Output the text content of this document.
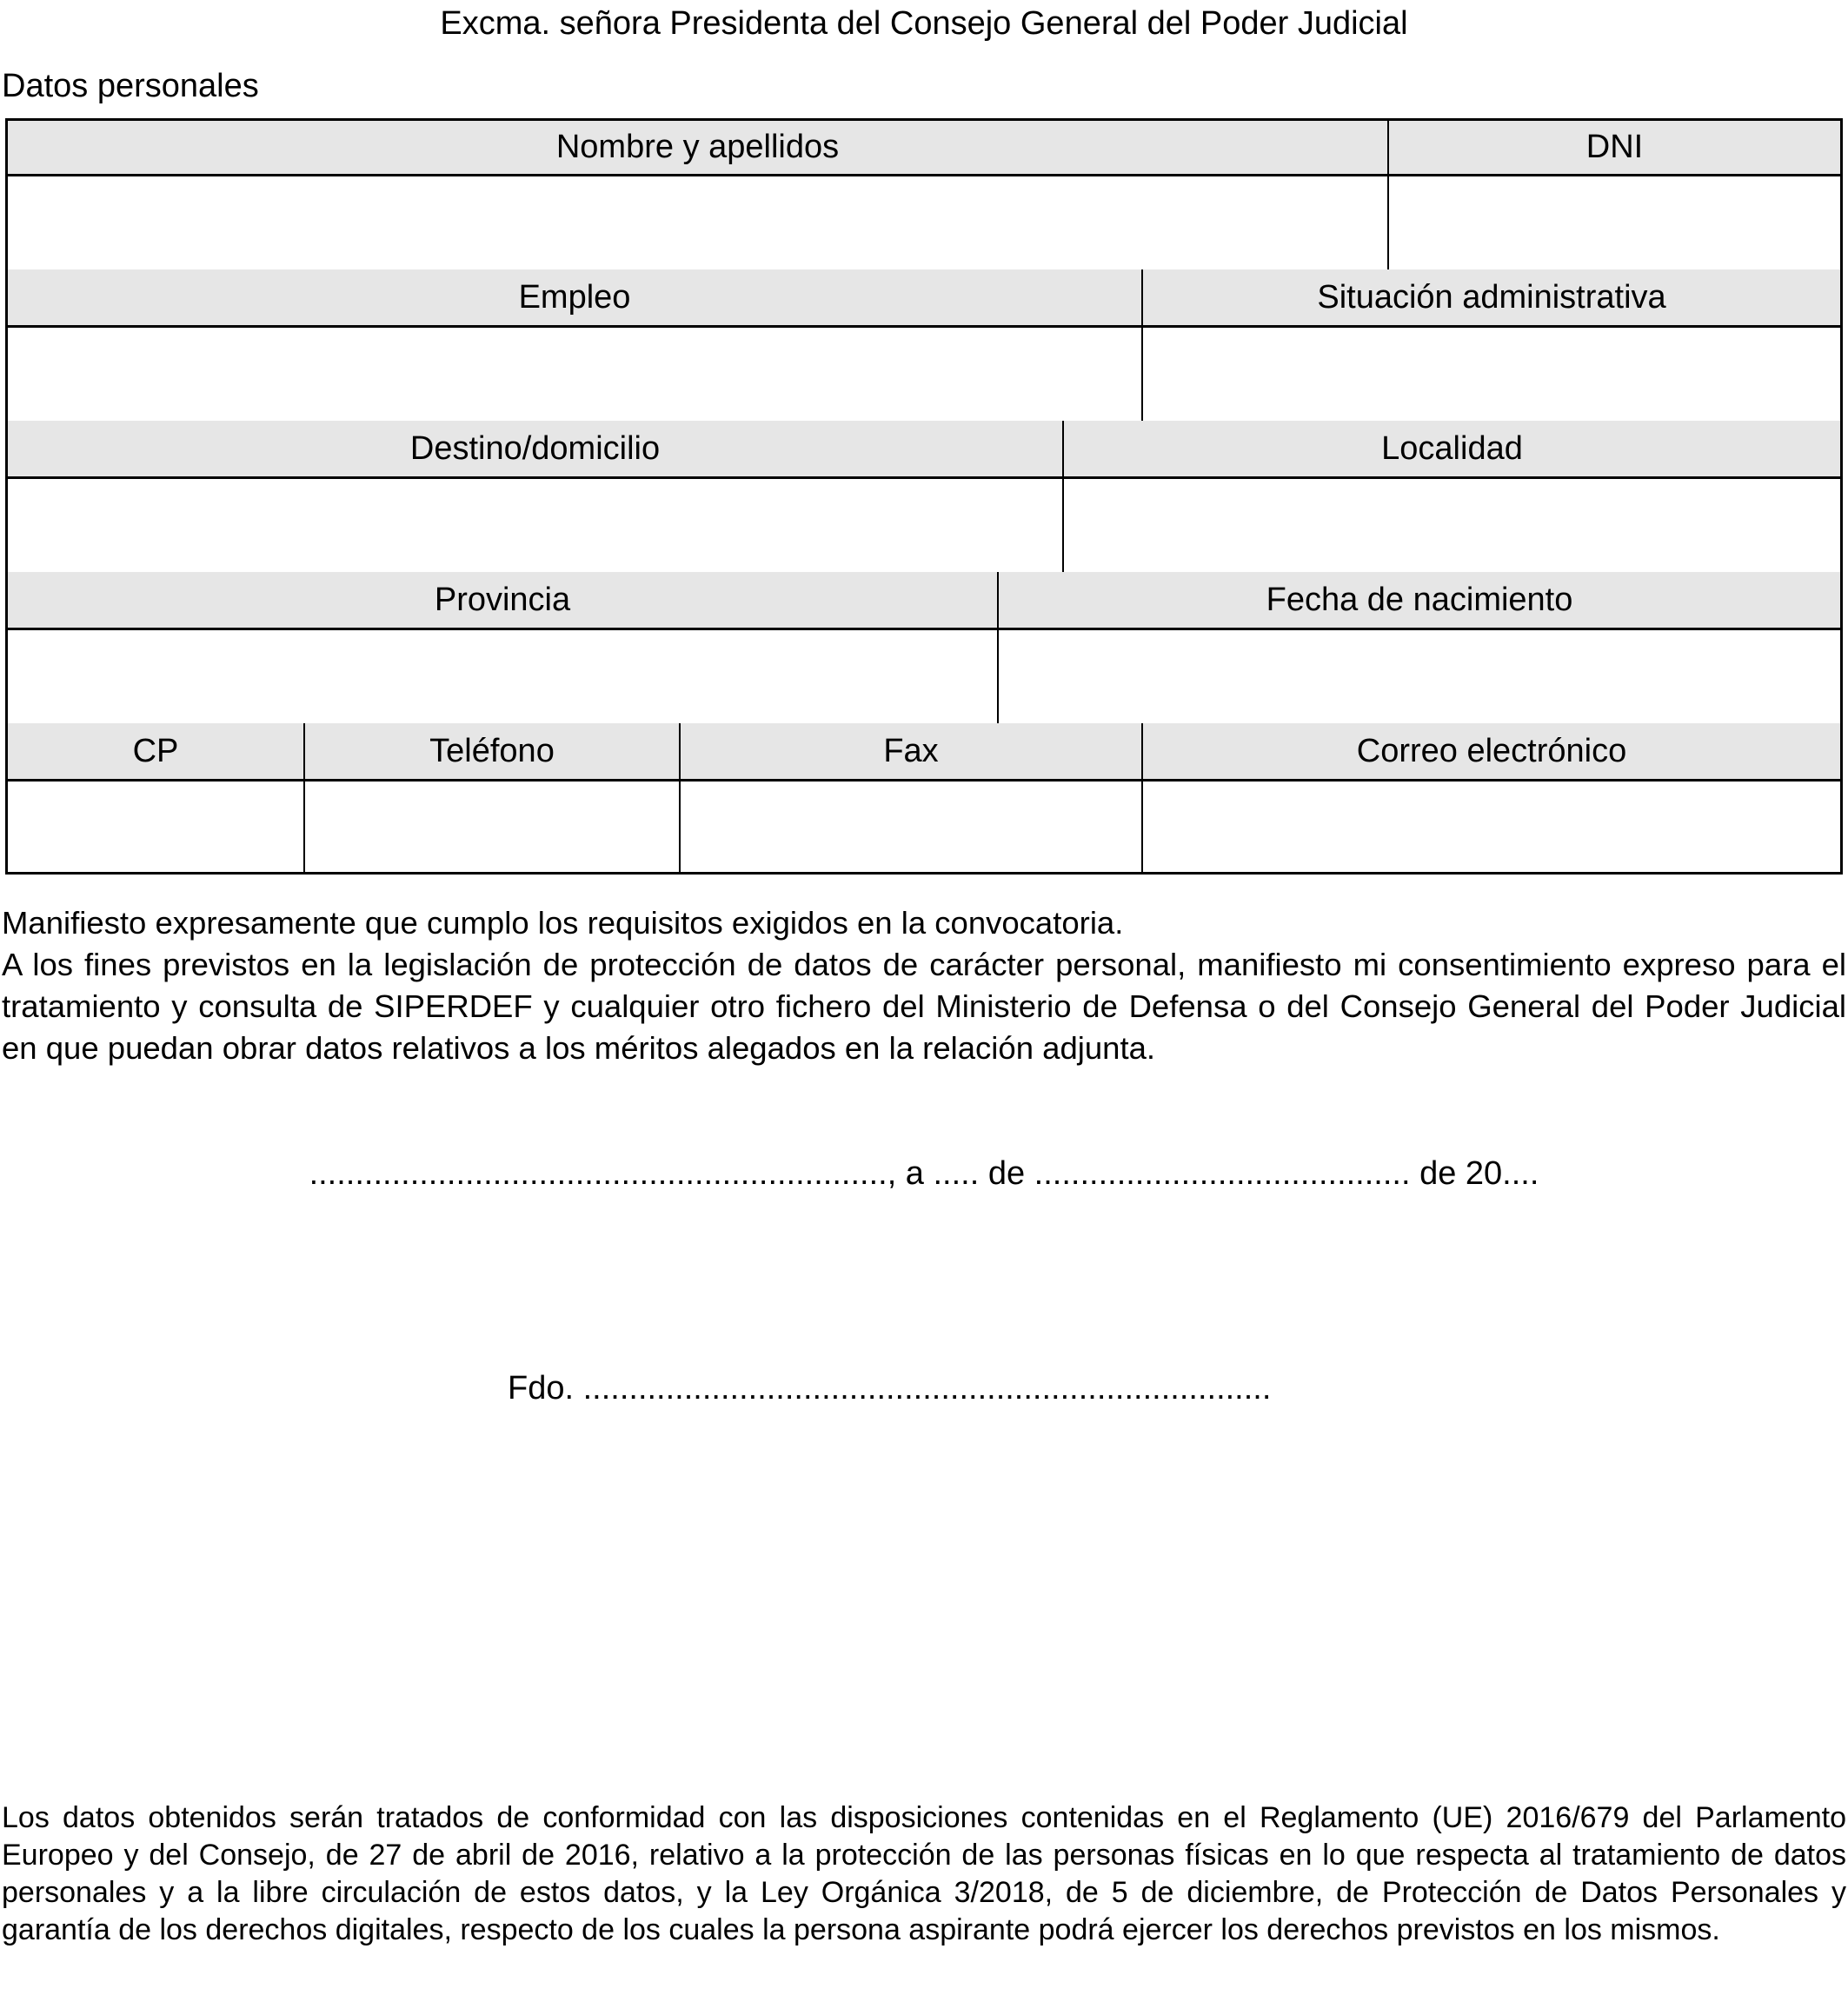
Excma. señora Presidenta del Consejo General del Poder Judicial
Datos personales
Nombre y apellidos	DNI
Empleo	Situación administrativa
Destino/domicilio	Localidad
Provincia	Fecha de nacimiento
CP	Teléfono	Fax	Correo electrónico

Manifiesto expresamente que cumplo los requisitos exigidos en la convocatoria.

A los fines previstos en la legislación de protección de datos de carácter personal, manifiesto mi consentimiento expreso para el tratamiento y consulta de SIPERDEF y cualquier otro fichero del Ministerio de Defensa o del Consejo General del Poder Judicial en que puedan obrar datos relativos a los méritos alegados en la relación adjunta.

..............................................................., a ..... de ......................................... de 20....
Fdo. ...........................................................................
Los datos obtenidos serán tratados de conformidad con las disposiciones contenidas en el Reglamento (UE) 2016/679 del Parlamento Europeo y del Consejo, de 27 de abril de 2016, relativo a la protección de las personas físicas en lo que respecta al tratamiento de datos personales y a la libre circulación de estos datos, y la Ley Orgánica 3/2018, de 5 de diciembre, de Protección de Datos Personales y garantía de los derechos digitales, respecto de los cuales la persona aspirante podrá ejercer los derechos previstos en los mismos.
